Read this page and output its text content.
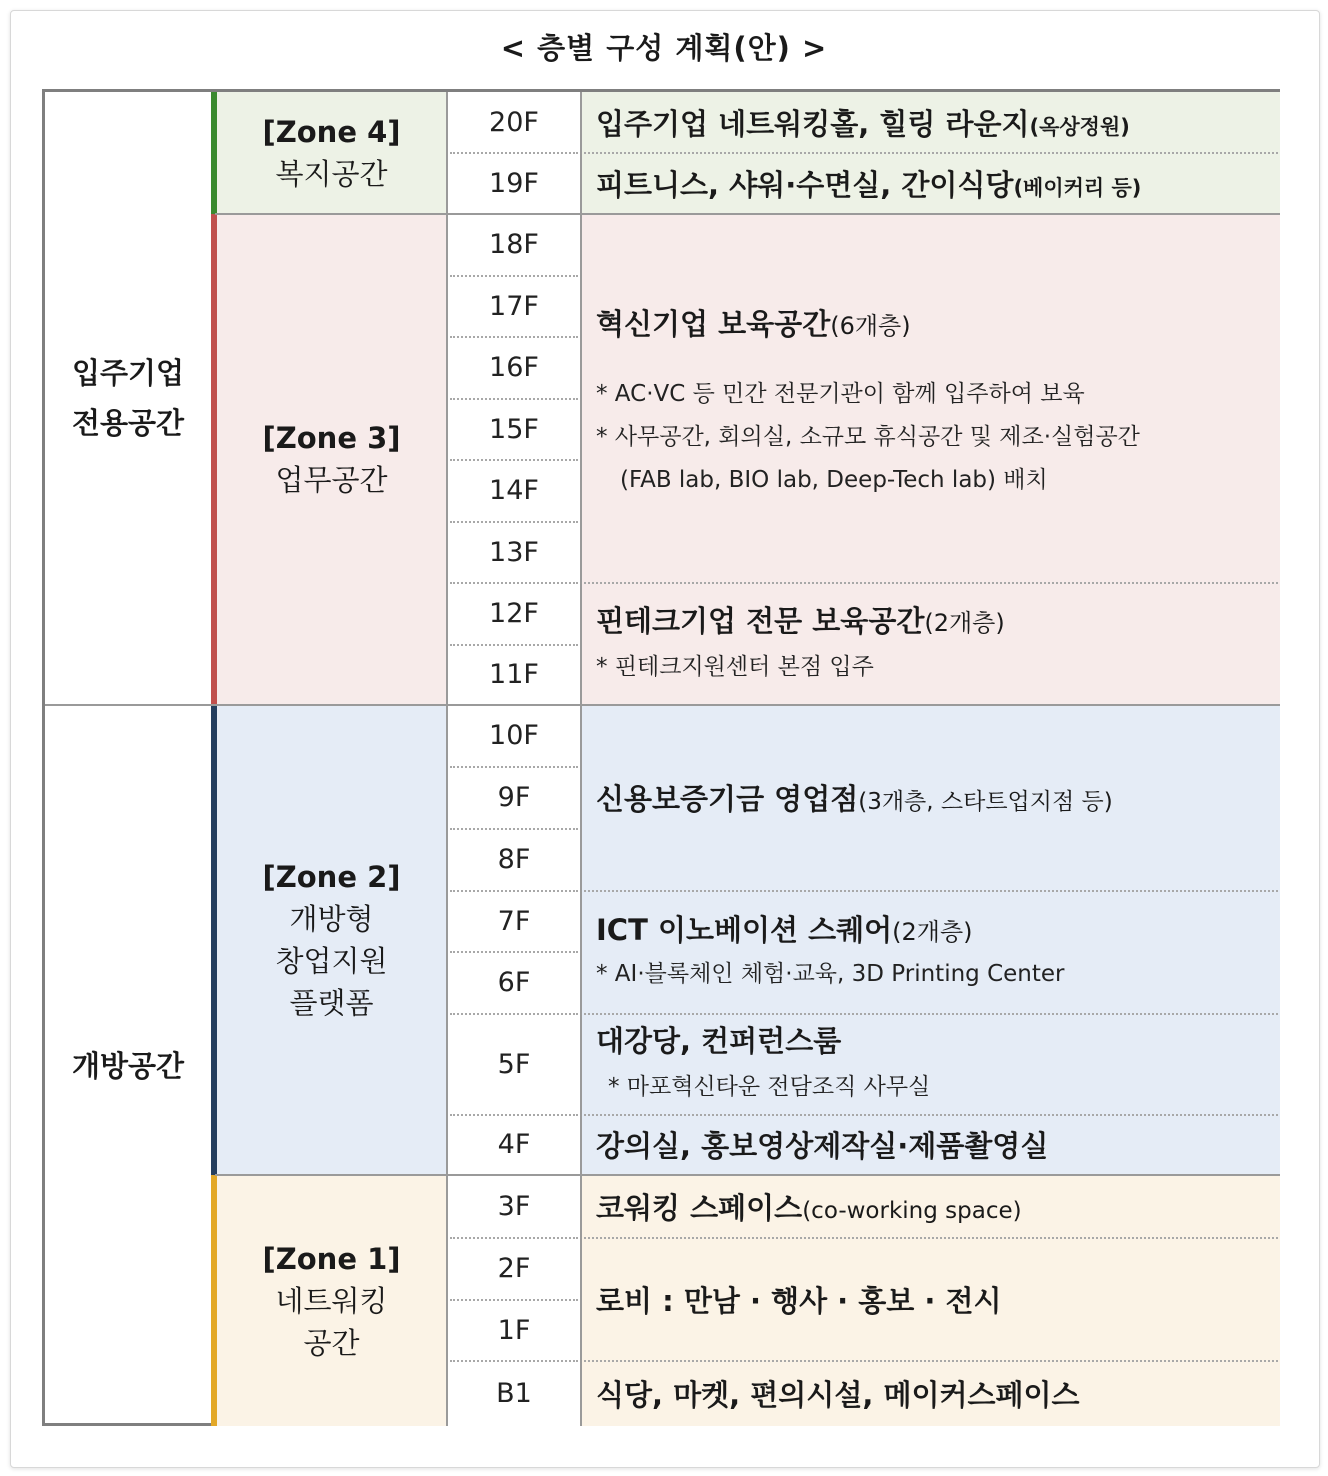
< 층별 구성 계획(안) >
입주기업
전용공간
개방공간
[Zone 4]
복지공간
[Zone 3]
업무공간
[Zone 2]
개방형
창업지원
플랫폼
[Zone 1]
네트워킹
공간
20F
19F
18F
17F
16F
15F
14F
13F
12F
11F
10F
9F
8F
7F
6F
5F
4F
3F
2F
1F
B1
입주기업 네트워킹홀, 힐링 라운지(옥상정원)
피트니스, 샤워·수면실, 간이식당(베이커리 등)
혁신기업 보육공간(6개층)
* AC·VC 등 민간 전문기관이 함께 입주하여 보육
* 사무공간, 회의실, 소규모 휴식공간 및 제조·실험공간
(FAB lab, BIO lab, Deep-Tech lab) 배치
핀테크기업 전문 보육공간(2개층)
* 핀테크지원센터 본점 입주
신용보증기금 영업점(3개층, 스타트업지점 등)
ICT 이노베이션 스퀘어(2개층)
* AI·블록체인 체험·교육, 3D Printing Center
대강당, 컨퍼런스룸
* 마포혁신타운 전담조직 사무실
강의실, 홍보영상제작실·제품촬영실
코워킹 스페이스(co-working space)
로비 : 만남 · 행사 · 홍보 · 전시
식당, 마켓, 편의시설, 메이커스페이스
